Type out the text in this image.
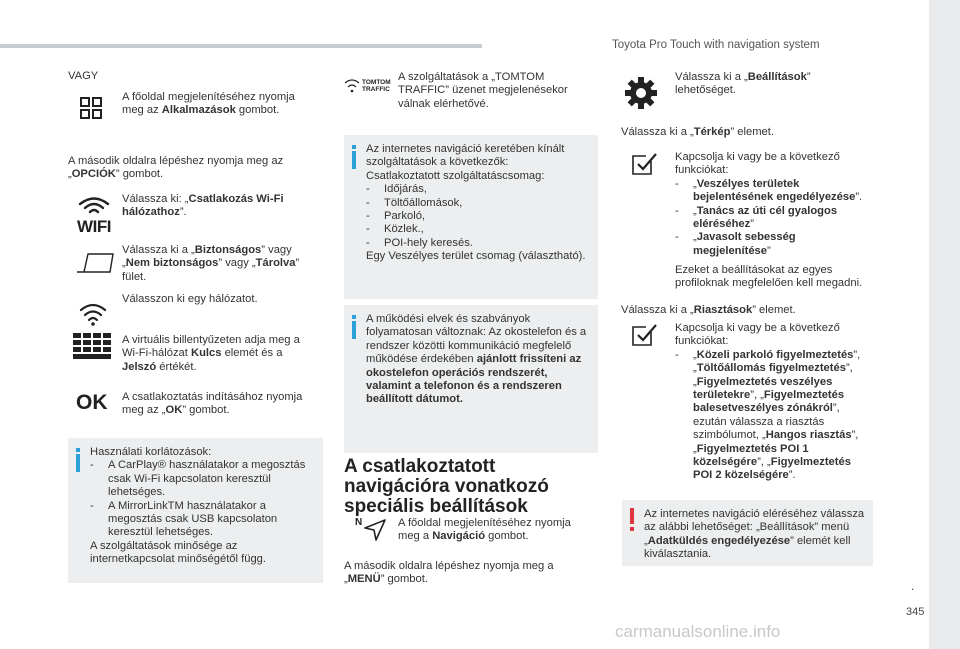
Toyota Pro Touch with navigation system
.
345
VAGY
A főoldal megjelenítéséhez nyomja meg az Alkalmazások gombot.
A második oldalra lépéshez nyomja meg az „OPCIÓK” gombot.
WIFI
Válassza ki: „Csatlakozás Wi-Fi hálózathoz”.
Válassza ki a „Biztonságos” vagy „Nem biztonságos” vagy „Tárolva” fület.
Válasszon ki egy hálózatot.
A virtuális billentyűzeten adja meg a Wi-Fi-hálózat Kulcs elemét és a Jelszó értékét.
OK A csatlakoztatás indításához nyomja meg az „OK” gombot.
Használati korlátozások:
- A CarPlay® használatakor a megosztás csak Wi-Fi kapcsolaton keresztül lehetséges.
- A MirrorLinkTM használatakor a megosztás csak USB kapcsolaton keresztül lehetséges.
A szolgáltatások minősége az internetkapcsolat minőségétől függ.
TOMTOM
TRAFFIC
A szolgáltatások a „TOMTOM TRAFFIC” üzenet megjelenésekor válnak elérhetővé.
Az internetes navigáció keretében kínált szolgáltatások a következők:
Csatlakoztatott szolgáltatáscsomag:
- Időjárás,
- Töltőállomások,
- Parkoló,
- Közlek.,
- POI-hely keresés.
Egy Veszélyes terület csomag (választható).
A működési elvek és szabványok folyamatosan változnak: Az okostelefon és a rendszer közötti kommunikáció megfelelő működése érdekében ajánlott frissíteni az okostelefon operációs rendszerét, valamint a telefonon és a rendszeren beállított dátumot.
A csatlakoztatott navigációra vonatkozó speciális beállítások
N	A főoldal megjelenítéséhez nyomja meg a Navigáció gombot.
A második oldalra lépéshez nyomja meg a „MENÜ” gombot.
Válassza ki a „Beállítások” lehetőséget.
Válassza ki a „Térkép” elemet.
Kapcsolja ki vagy be a következő funkciókat:
- „Veszélyes területek bejelentésének engedélyezése”.
- „Tanács az úti cél gyalogos eléréséhez”
- „Javasolt sebesség megjelenítése”
Ezeket a beállításokat az egyes profiloknak megfelelően kell megadni.
Válassza ki a „Riasztások” elemet.
Kapcsolja ki vagy be a következő funkciókat:
- „Közeli parkoló figyelmeztetés”, „Töltőállomás figyelmeztetés”, „Figyelmeztetés veszélyes területekre”, „Figyelmeztetés balesetveszélyes zónákról”, ezután válassza a riasztás szimbólumot, „Hangos riasztás”, „Figyelmeztetés POI 1 közelségére”, „Figyelmeztetés POI 2 közelségére”.
Az internetes navigáció eléréséhez válassza az alábbi lehetőséget: „Beállítások” menü „Adatküldés engedélyezése” elemét kell kiválasztania.
carmanualsonline.info
